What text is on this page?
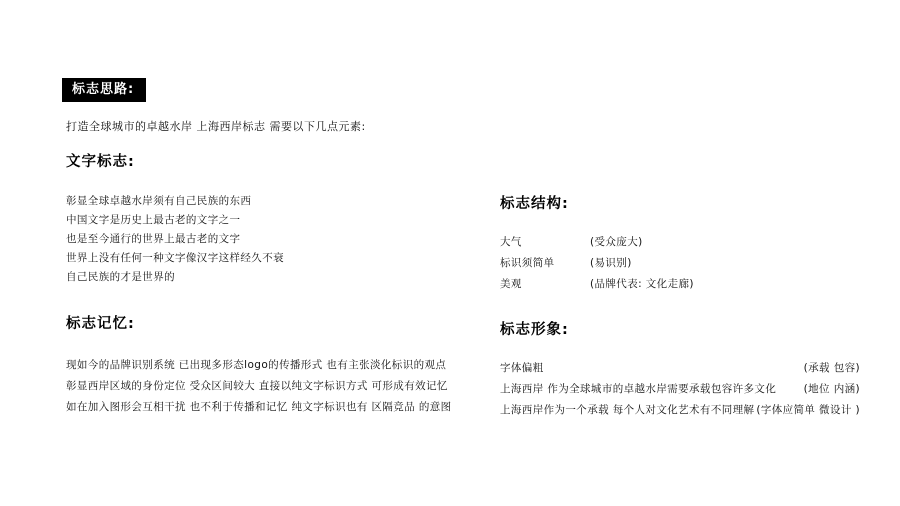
标志思路:
打造全球城市的卓越水岸 上海西岸标志 需要以下几点元素:
文字标志:
彰显全球卓越水岸须有自己民族的东西
中国文字是历史上最古老的文字之一
也是至今通行的世界上最古老的文字
世界上没有任何一种文字像汉字这样经久不衰
自己民族的才是世界的
标志记忆:
现如今的品牌识别系统 已出现多形态logo的传播形式 也有主张淡化标识的观点
彰显西岸区域的身份定位 受众区间较大 直接以纯文字标识方式 可形成有效记忆
如在加入图形会互相干扰 也不利于传播和记忆 纯文字标识也有 区隔竞品 的意图
标志结构:
大气	(受众庞大)
标识须简单	(易识别)
美观	(品牌代表: 文化走廊)
标志形象:
字体偏粗	(承载 包容)
上海西岸 作为全球城市的卓越水岸需要承载包容许多文化	(地位 内涵)
上海西岸作为一个承载 每个人对文化艺术有不同理解 (字体应简单 微设计 )
